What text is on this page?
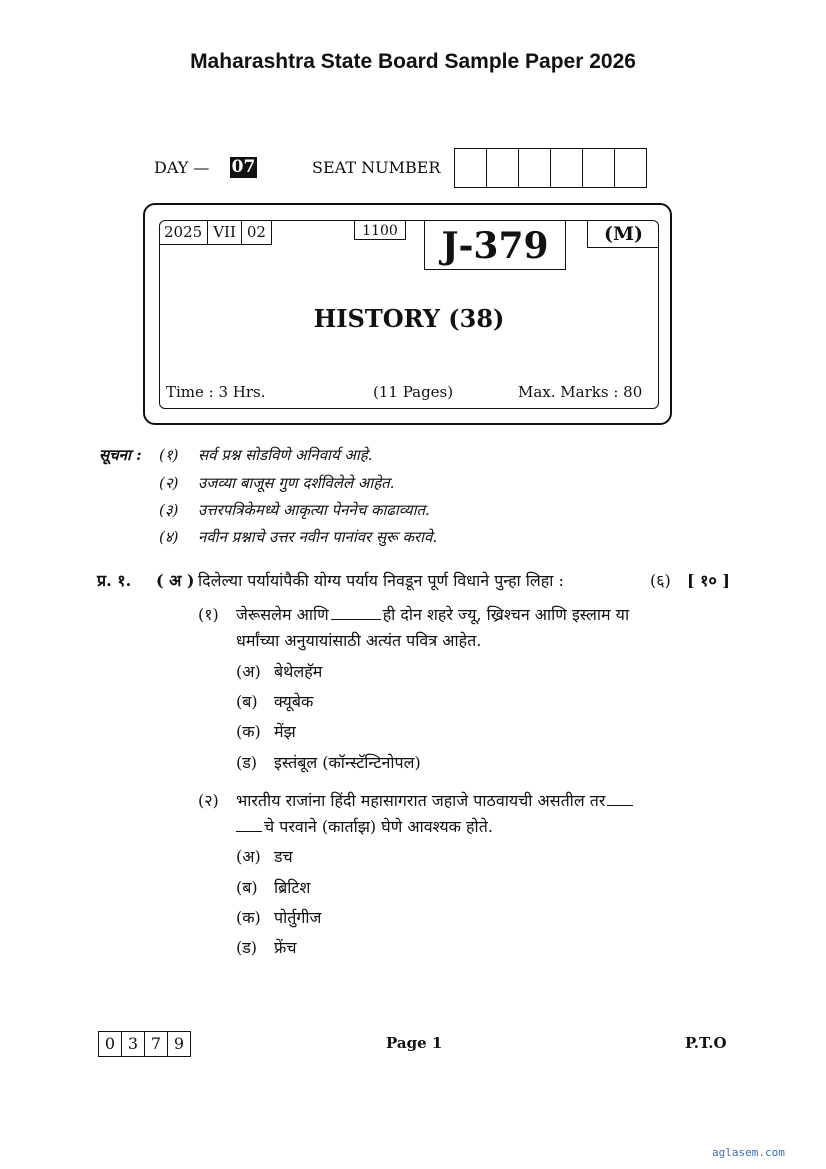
Maharashtra State Board Sample Paper 2026
DAY — 07	SEAT NUMBER
2025 VII 02	1100	J-379	(M)
HISTORY (38)
Time : 3 Hrs.	(11 Pages)	Max. Marks : 80
सूचना : (१) सर्व प्रश्न सोडविणे अनिवार्य आहे.
(२) उजव्या बाजूस गुण दर्शविलेले आहेत.
(३) उत्तरपत्रिकेमध्ये आकृत्या पेननेच काढाव्यात.
(४) नवीन प्रश्नाचे उत्तर नवीन पानांवर सुरू करावे.
प्र. १. ( अ ) दिलेल्या पर्यायांपैकी योग्य पर्याय निवडून पूर्ण विधाने पुन्हा लिहा :	(६) [ १० ]
(१) जेरूसलेम आणि	ही दोन शहरे ज्यू, ख्रिश्चन आणि इस्लाम या
धर्मांच्या अनुयायांसाठी अत्यंत पवित्र आहेत.
(अ) बेथेलहॅम
(ब) क्यूबेक
(क) मेंझ
(ड) इस्तंबूल (कॉन्स्टॅन्टिनोपल)
(२) भारतीय राजांना हिंदी महासागरात जहाजे पाठवायची असतील तर
चे परवाने (कार्ताझ) घेणे आवश्यक होते.
(अ) डच
(ब) ब्रिटिश
(क) पोर्तुगीज
(ड) फ्रेंच
0 3 7 9	Page 1	P.T.O
aglasem.com
